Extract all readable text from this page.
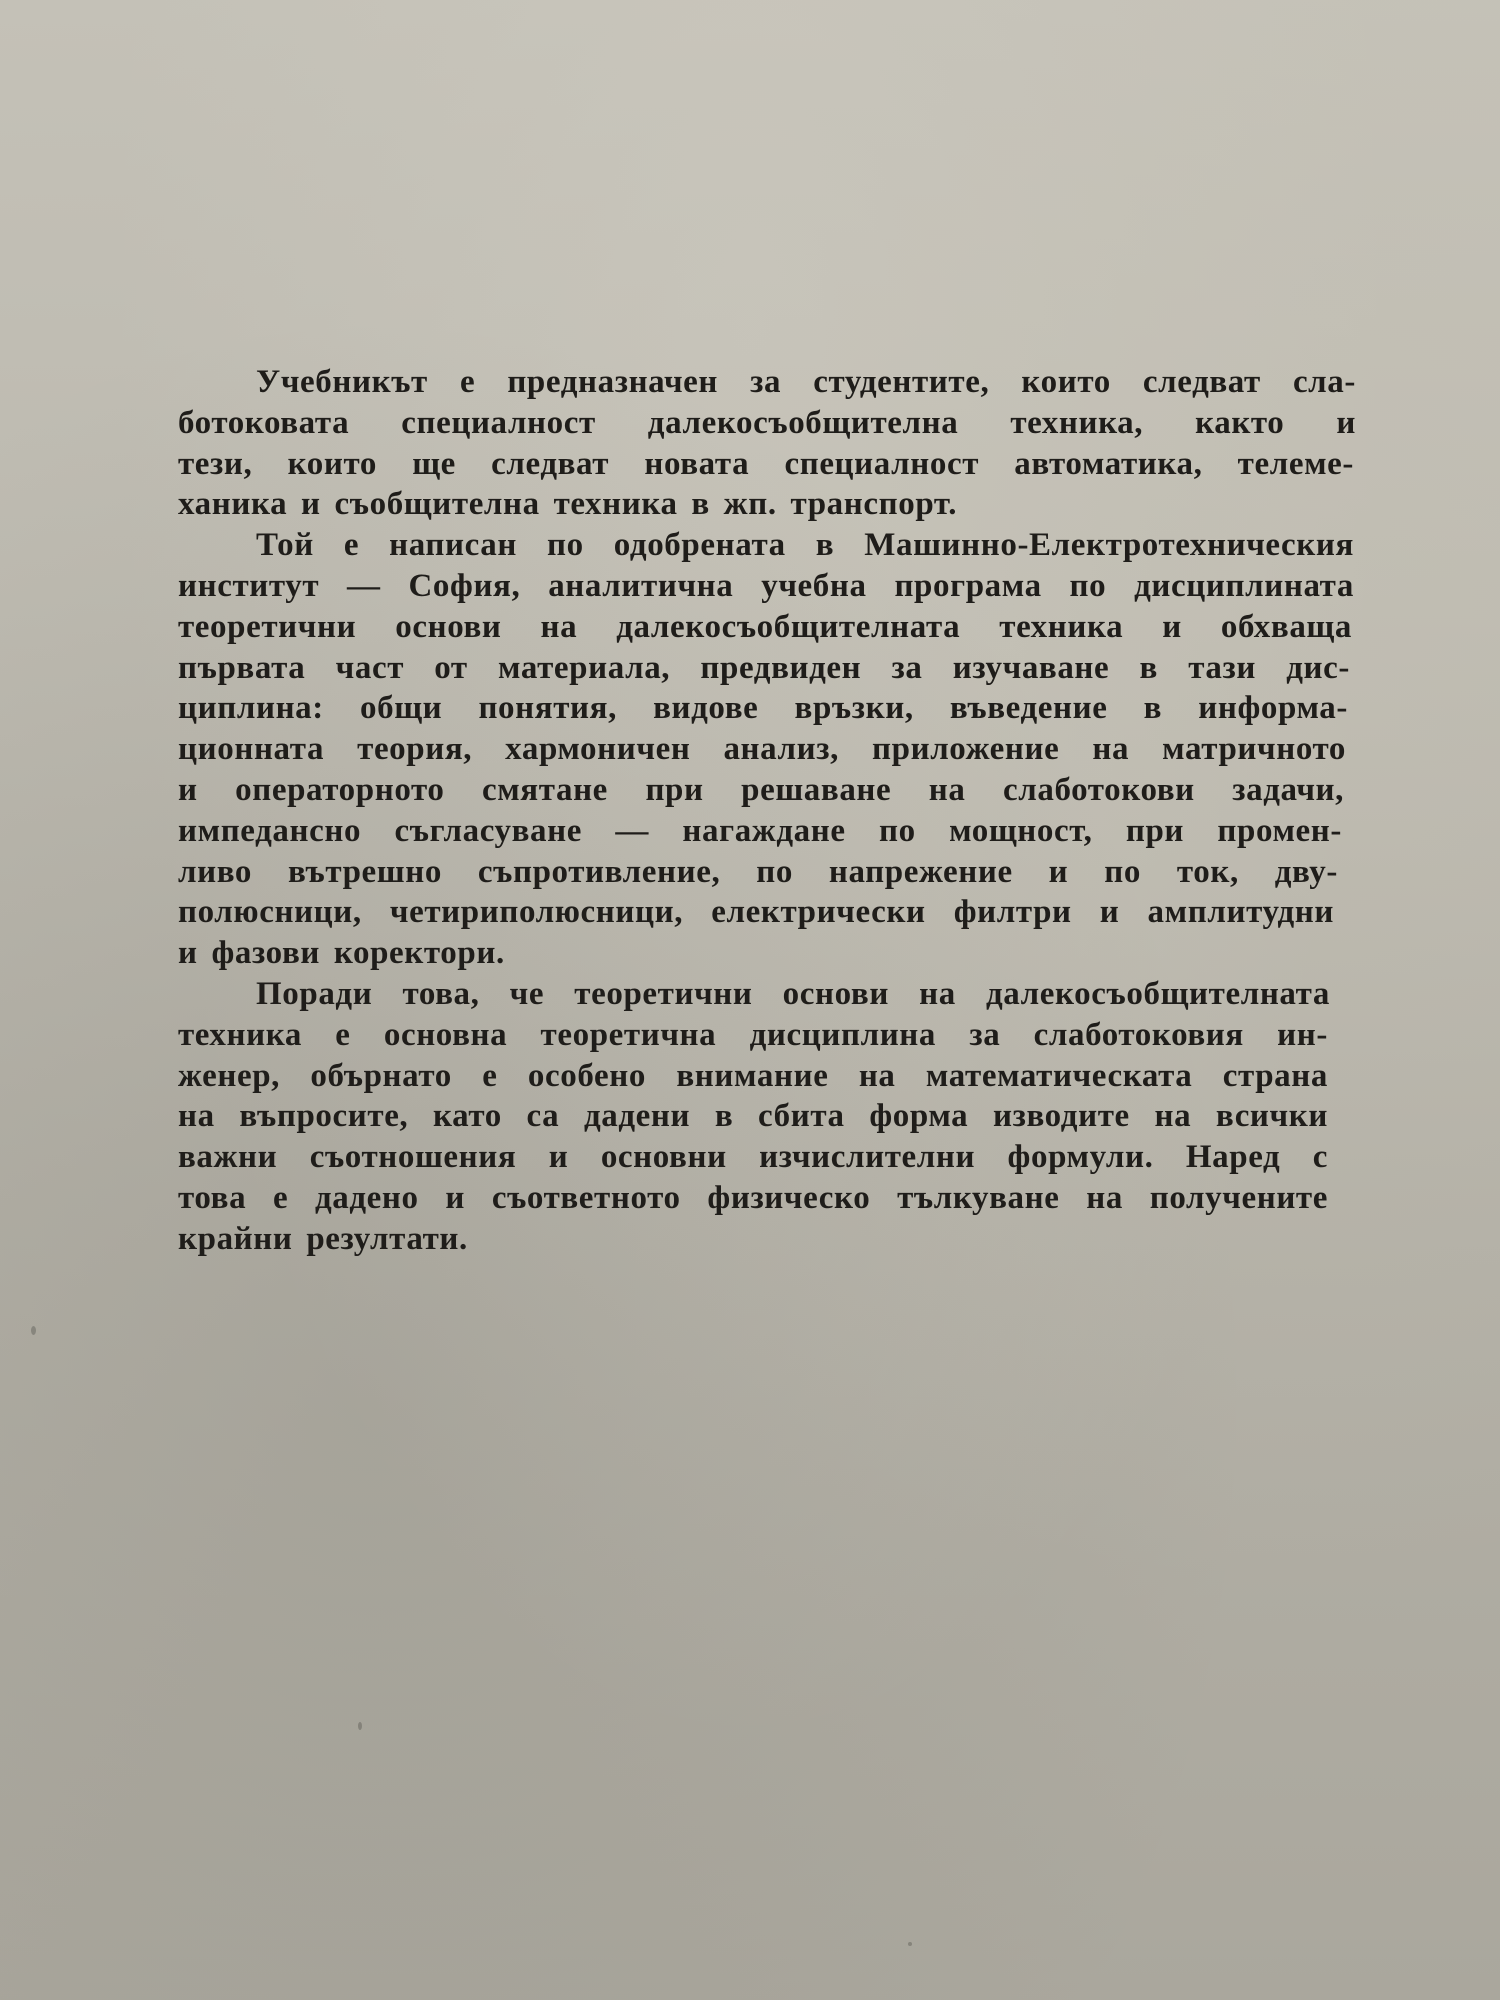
Учебникът е предназначен за студентите, които следват сла-
ботоковата специалност далекосъобщителна техника, както и
тези, които ще следват новата специалност автоматика, телеме-
ханика и съобщителна техника в жп. транспорт.

Той е написан по одобрената в Машинно-Електротехническия
институт — София, аналитична учебна програма по дисциплината
теоретични основи на далекосъобщителната техника и обхваща
първата част от материала, предвиден за изучаване в тази дис-
циплина: общи понятия, видове връзки, въведение в информа-
ционната теория, хармоничен анализ, приложение на матричното
и операторното смятане при решаване на слаботокови задачи,
импедансно съгласуване — нагаждане по мощност, при промен-
ливо вътрешно съпротивление, по напрежение и по ток, дву-
полюсници, четириполюсници, електрически филтри и амплитудни
и фазови коректори.

Поради това, че теоретични основи на далекосъобщителната
техника е основна теоретична дисциплина за слаботоковия ин-
женер, обърнато е особено внимание на математическата страна
на въпросите, като са дадени в сбита форма изводите на всички
важни съотношения и основни изчислителни формули. Наред с
това е дадено и съответното физическо тълкуване на получените
крайни резултати.
